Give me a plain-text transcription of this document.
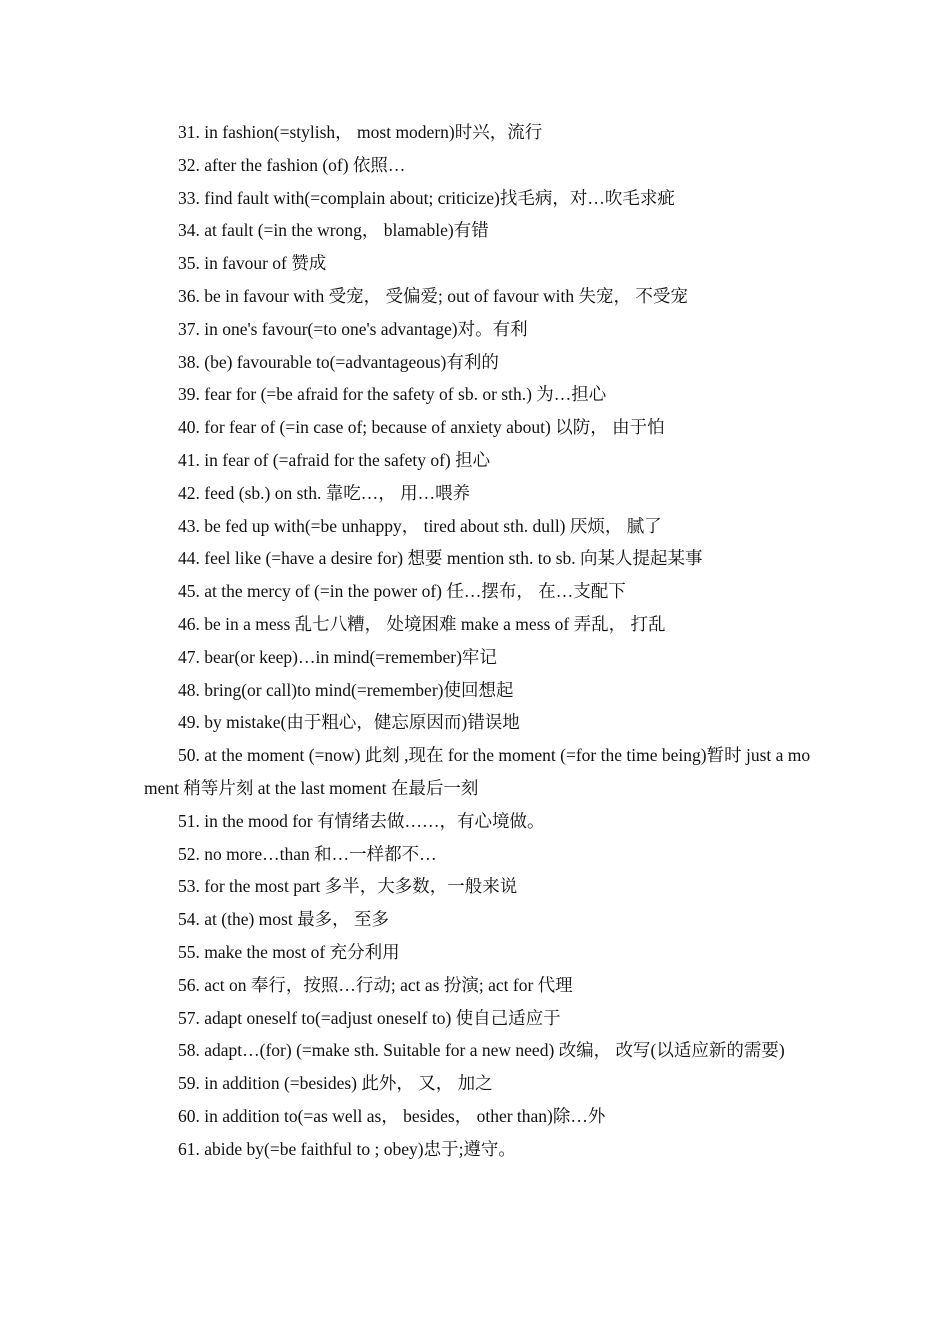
31. in fashion(=stylish， most modern)时兴，流行

32. after the fashion (of) 依照…

33. find fault with(=complain about; criticize)找毛病，对…吹毛求疵

34. at fault (=in the wrong， blamable)有错

35. in favour of 赞成

36. be in favour with 受宠， 受偏爱; out of favour with 失宠， 不受宠

37. in one's favour(=to one's advantage)对。有利

38. (be) favourable to(=advantageous)有利的

39. fear for (=be afraid for the safety of sb. or sth.) 为…担心

40. for fear of (=in case of; because of anxiety about) 以防， 由于怕

41. in fear of (=afraid for the safety of) 担心

42. feed (sb.) on sth. 靠吃…， 用…喂养

43. be fed up with(=be unhappy， tired about sth. dull) 厌烦， 腻了

44. feel like (=have a desire for) 想要 mention sth. to sb. 向某人提起某事

45. at the mercy of (=in the power of) 任…摆布， 在…支配下

46. be in a mess 乱七八糟， 处境困难 make a mess of 弄乱， 打乱

47. bear(or keep)…in mind(=remember)牢记

48. bring(or call)to mind(=remember)使回想起

49. by mistake(由于粗心，健忘原因而)错误地

50. at the moment (=now) 此刻 ,现在 for the moment (=for the time being)暂时 just a moment 稍等片刻 at the last moment 在最后一刻

51. in the mood for 有情绪去做……，有心境做。

52. no more…than 和…一样都不…

53. for the most part 多半，大多数，一般来说

54. at (the) most 最多， 至多

55. make the most of 充分利用

56. act on 奉行，按照…行动; act as 扮演; act for 代理

57. adapt oneself to(=adjust oneself to) 使自己适应于

58. adapt…(for) (=make sth. Suitable for a new need) 改编， 改写(以适应新的需要)

59. in addition (=besides) 此外， 又， 加之

60. in addition to(=as well as， besides， other than)除…外

61. abide by(=be faithful to ; obey)忠于;遵守。
